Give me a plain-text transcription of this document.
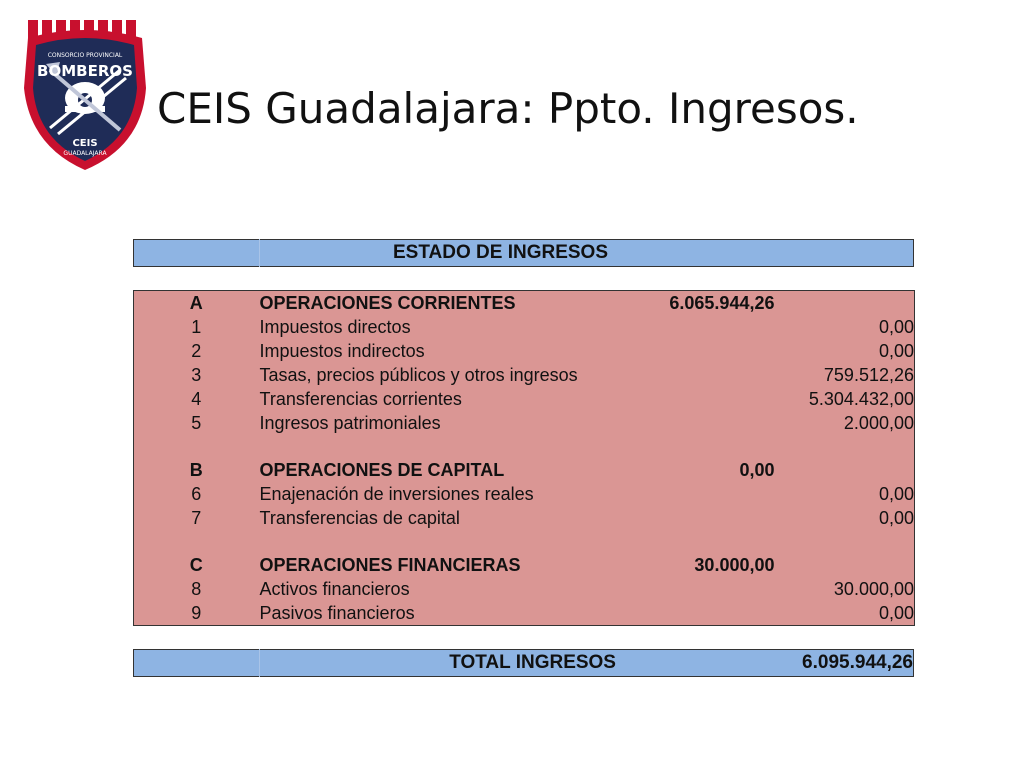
CONSORCIO PROVINCIAL
BOMBEROS
CEIS
GUADALAJARA
CEIS Guadalajara: Ppto. Ingresos.
	ESTADO DE INGRESOS
A	OPERACIONES CORRIENTES	6.065.944,26	
1	Impuestos directos		0,00
2	Impuestos indirectos		0,00
3	Tasas, precios públicos y otros ingresos		759.512,26
4	Transferencias corrientes		5.304.432,00
5	Ingresos patrimoniales		2.000,00

B	OPERACIONES DE CAPITAL	0,00	
6	Enajenación de inversiones reales		0,00
7	Transferencias de capital		0,00

C	OPERACIONES FINANCIERAS	30.000,00	
8	Activos financieros		30.000,00
9	Pasivos financieros		0,00
	TOTAL INGRESOS	6.095.944,26
